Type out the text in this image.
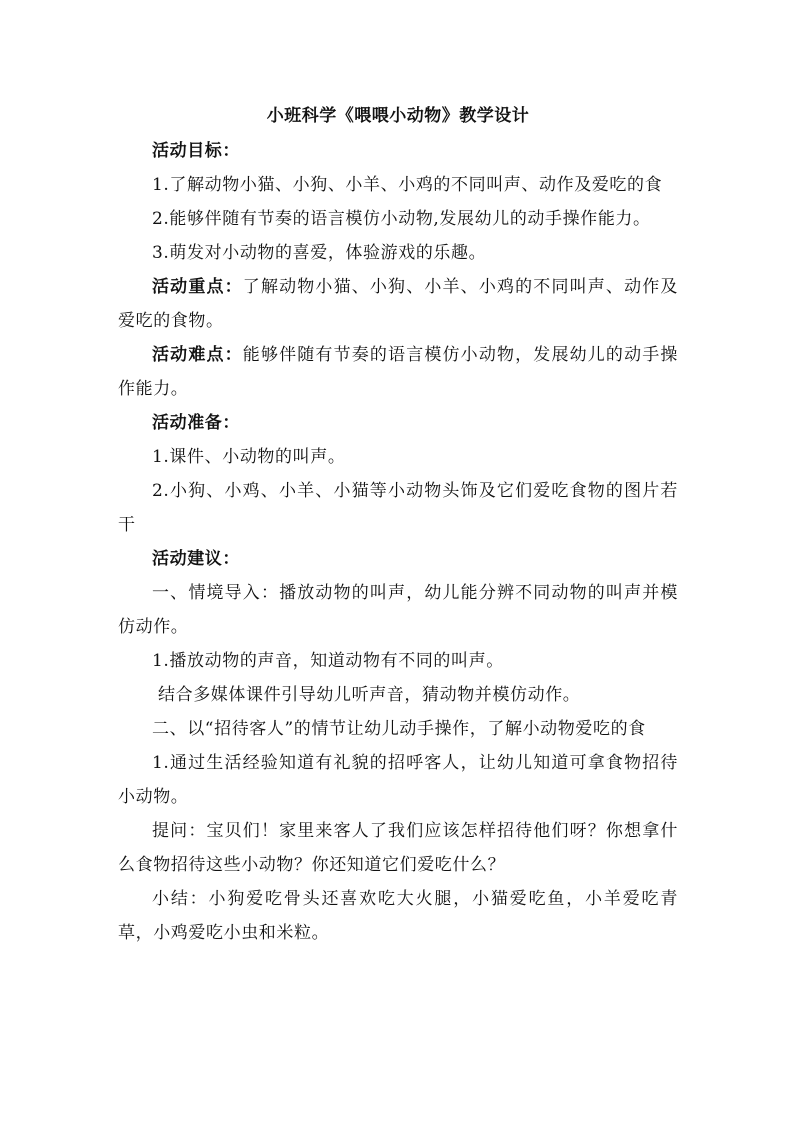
小班科学《喂喂小动物》教学设计

活动目标：

1.了解动物小猫、小狗、小羊、小鸡的不同叫声、动作及爱吃的食

2.能够伴随有节奏的语言模仿小动物,发展幼儿的动手操作能力。

3.萌发对小动物的喜爱，体验游戏的乐趣。

活动重点：了解动物小猫、小狗、小羊、小鸡的不同叫声、动作及爱吃的食物。

活动难点：能够伴随有节奏的语言模仿小动物，发展幼儿的动手操作能力。

活动准备：

1.课件、小动物的叫声。

2.小狗、小鸡、小羊、小猫等小动物头饰及它们爱吃食物的图片若干

活动建议：

一、情境导入：播放动物的叫声，幼儿能分辨不同动物的叫声并模仿动作。

1.播放动物的声音，知道动物有不同的叫声。

结合多媒体课件引导幼儿听声音，猜动物并模仿动作。

二、以“招待客人”的情节让幼儿动手操作，了解小动物爱吃的食

1.通过生活经验知道有礼貌的招呼客人，让幼儿知道可拿食物招待小动物。

提问：宝贝们！家里来客人了我们应该怎样招待他们呀？你想拿什么食物招待这些小动物？你还知道它们爱吃什么？

小结：小狗爱吃骨头还喜欢吃大火腿，小猫爱吃鱼，小羊爱吃青草，小鸡爱吃小虫和米粒。
